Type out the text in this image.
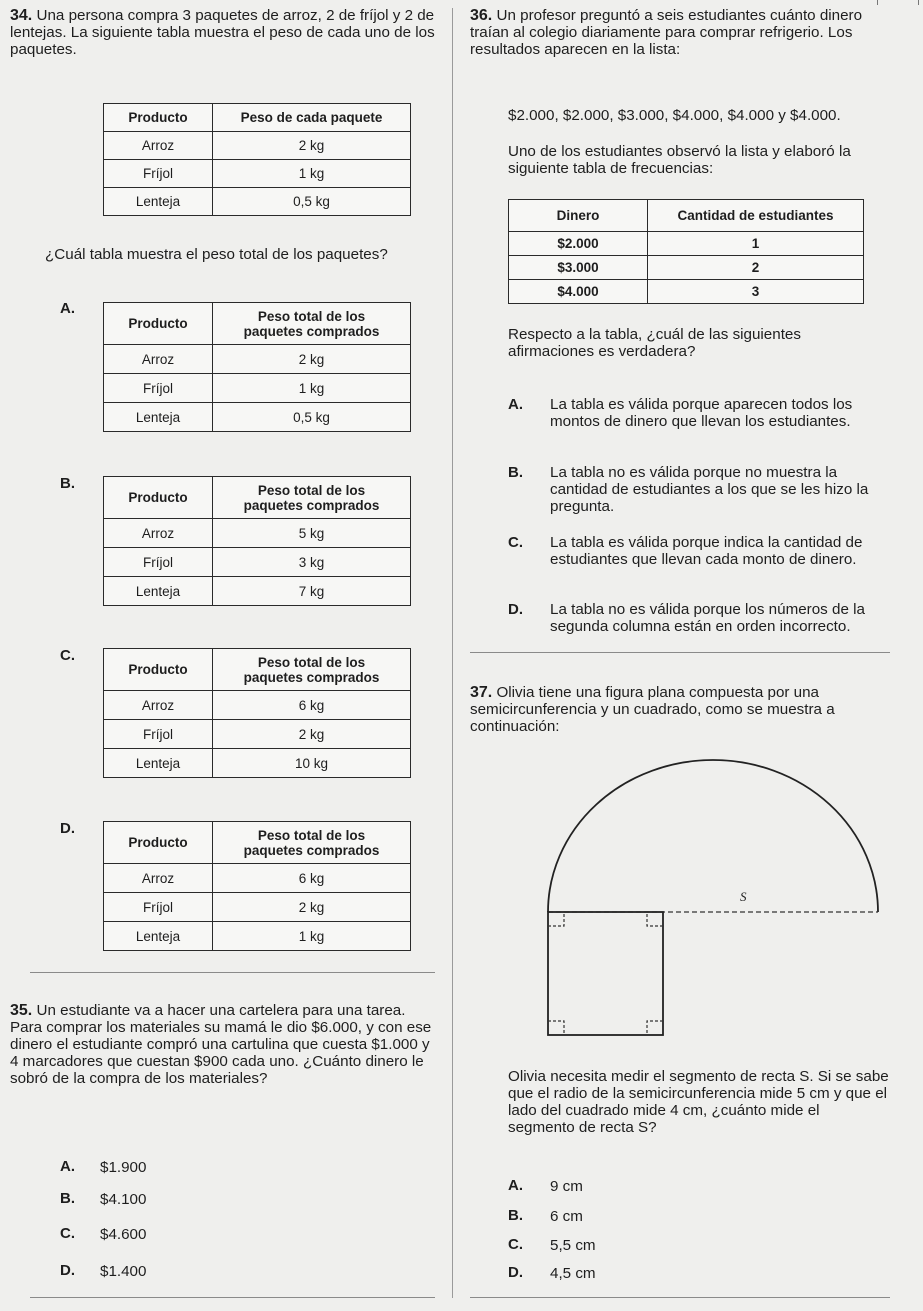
34. Una persona compra 3 paquetes de arroz, 2 de fríjol y 2 de lentejas. La siguiente tabla muestra el peso de cada uno de los paquetes.
Producto	Peso de cada paquete
Arroz	2 kg
Fríjol	1 kg
Lenteja	0,5 kg
¿Cuál tabla muestra el peso total de los paquetes?
A.
Producto	Peso total de los
paquetes comprados
Arroz	2 kg
Fríjol	1 kg
Lenteja	0,5 kg
B.
Producto	Peso total de los
paquetes comprados
Arroz	5 kg
Fríjol	3 kg
Lenteja	7 kg
C.
Producto	Peso total de los
paquetes comprados
Arroz	6 kg
Fríjol	2 kg
Lenteja	10 kg
D.
Producto	Peso total de los
paquetes comprados
Arroz	6 kg
Fríjol	2 kg
Lenteja	1 kg
35. Un estudiante va a hacer una cartelera para una tarea. Para comprar los materiales su mamá le dio $6.000, y con ese dinero el estudiante compró una cartulina que cuesta $1.000 y 4 marcadores que cuestan $900 cada uno. ¿Cuánto dinero le sobró de la compra de los materiales?
A. $1.900
B. $4.100
C. $4.600
D. $1.400
36. Un profesor preguntó a seis estudiantes cuánto dinero traían al colegio diariamente para comprar refrigerio. Los resultados aparecen en la lista:
$2.000, $2.000, $3.000, $4.000, $4.000 y $4.000.
Uno de los estudiantes observó la lista y elaboró la siguiente tabla de frecuencias:
Dinero	Cantidad de estudiantes
$2.000	1
$3.000	2
$4.000	3
Respecto a la tabla, ¿cuál de las siguientes afirmaciones es verdadera?
A. La tabla es válida porque aparecen todos los montos de dinero que llevan los estudiantes.
B. La tabla no es válida porque no muestra la cantidad de estudiantes a los que se les hizo la pregunta.
C. La tabla es válida porque indica la cantidad de estudiantes que llevan cada monto de dinero.
D. La tabla no es válida porque los números de la segunda columna están en orden incorrecto.
37. Olivia tiene una figura plana compuesta por una semicircunferencia y un cuadrado, como se muestra a continuación:
S
Olivia necesita medir el segmento de recta S. Si se sabe que el radio de la semicircunferencia mide 5 cm y que el lado del cuadrado mide 4 cm, ¿cuánto mide el segmento de recta S?
A. 9 cm
B. 6 cm
C. 5,5 cm
D. 4,5 cm
